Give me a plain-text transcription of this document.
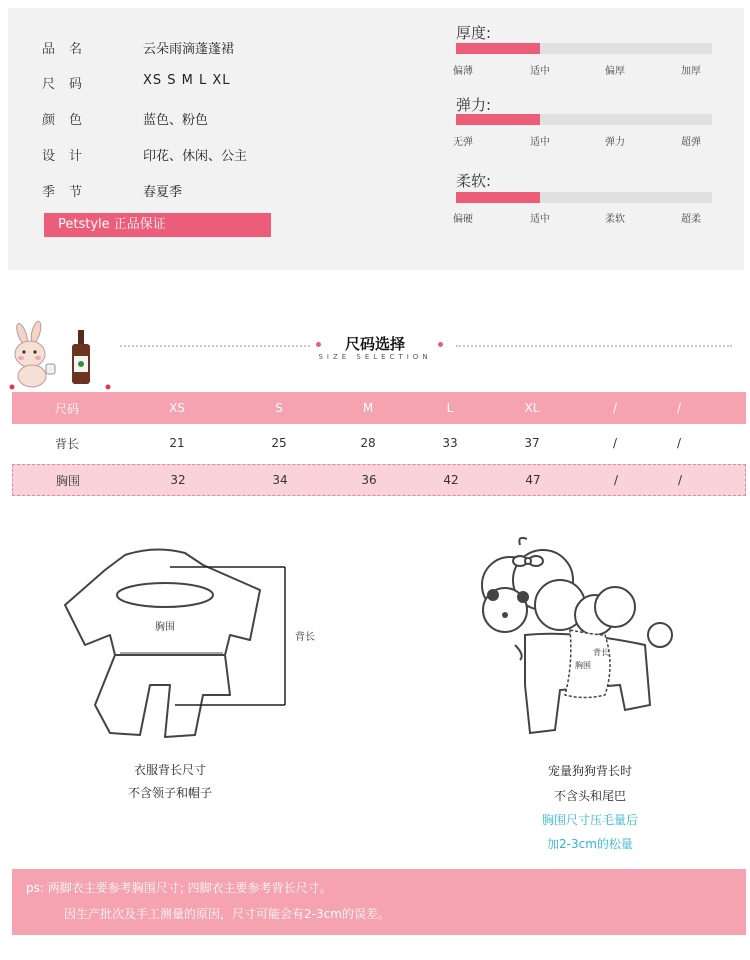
品名	云朵雨滴蓬蓬裙
尺码	XS S M L XL
颜色	蓝色、粉色
设计	印花、休闲、公主
季节	春夏季
Petstyle 正品保证
厚度:
偏薄	适中	偏厚	加厚
弹力:
无弹	适中	弹力	超弹
柔软:
偏硬	适中	柔软	超柔
尺码选择
SIZE SELECTION
尺码	XS	S	M	L	XL	/	/
背长	21	25	28	33	37	/	/
胸围	32	34	36	42	47	/	/
胸围
背长
衣服背长尺寸
不含领子和帽子
胸围
背长
宠量狗狗背长时
不含头和尾巴
胸围尺寸压毛量后
加2-3cm的松量
ps: 两脚衣主要参考胸围尺寸; 四脚衣主要参考背长尺寸。
因生产批次及手工测量的原因，尺寸可能会有2-3cm的误差。
